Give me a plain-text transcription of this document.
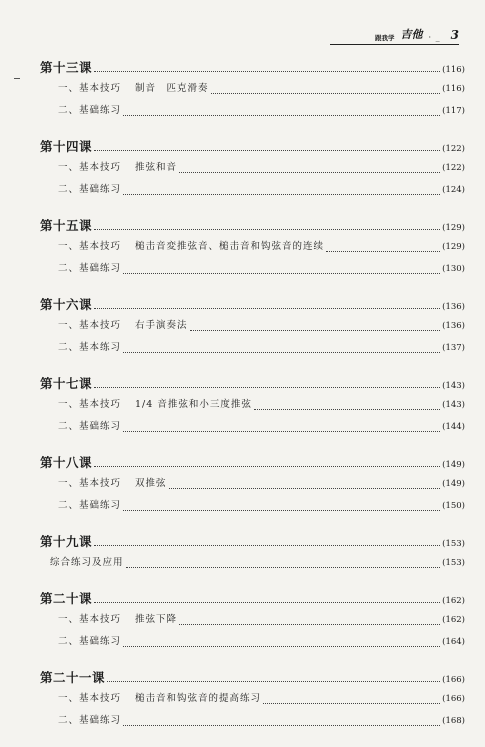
跟我学 吉他 · _ 3
第十三课	(116)
一、基本技巧 制音　匹克滑奏	(116)
二、基础练习	(117)
第十四课	(122)
一、基本技巧 推弦和音	(122)
二、基础练习	(124)
第十五课	(129)
一、基本技巧 槌击音変推弦音、槌击音和钩弦音的连续	(129)
二、基础练习	(130)
第十六课	(136)
一、基本技巧 右手演奏法	(136)
二、基本练习	(137)
第十七课	(143)
一、基本技巧 1/4 音推弦和小三度推弦	(143)
二、基础练习	(144)
第十八课	(149)
一、基本技巧 双推弦	(149)
二、基础练习	(150)
第十九课	(153)
综合练习及应用	(153)
第二十课	(162)
一、基本技巧 推弦下降	(162)
二、基础练习	(164)
第二十一课	(166)
一、基本技巧 槌击音和钩弦音的提高练习	(166)
二、基础练习	(168)
